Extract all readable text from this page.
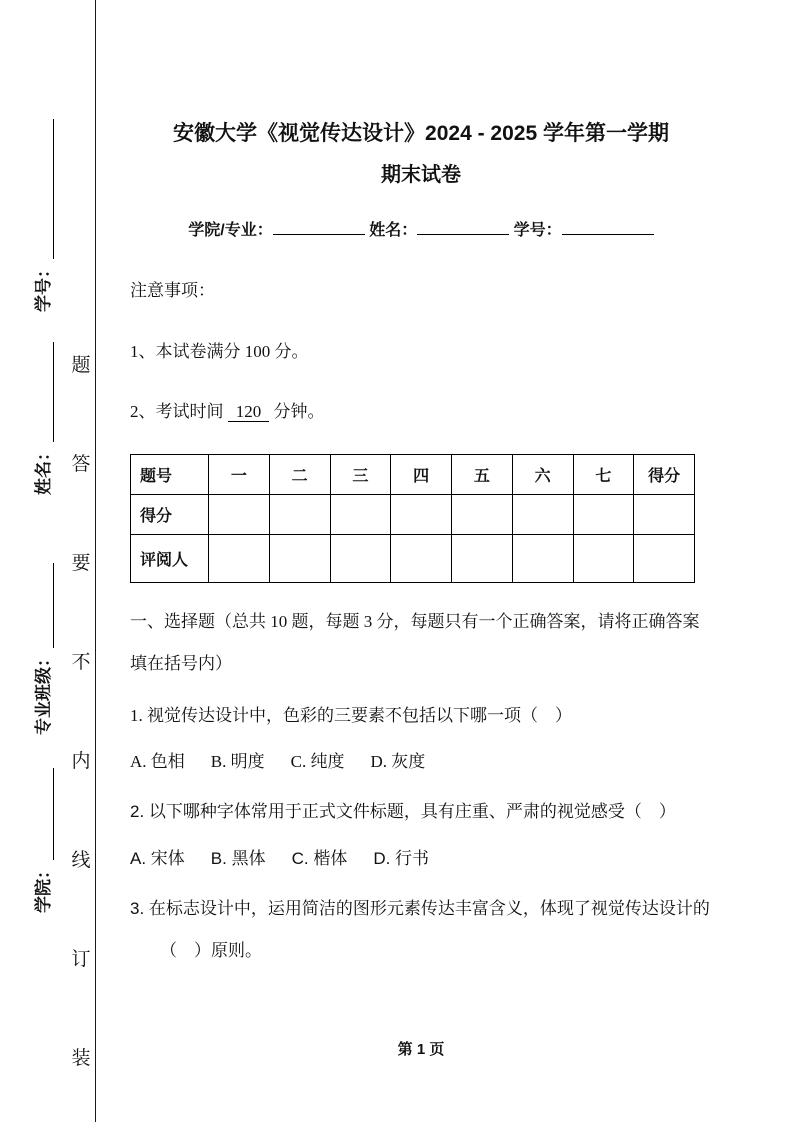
学号：
姓名：
专业班级：
学院：
题
答
要
不
内
线
订
装
安徽大学《视觉传达设计》2024 - 2025 学年第一学期
期末试卷
学院/专业：	姓名：	学号：
注意事项：
1、本试卷满分 100 分。
2、考试时间 120 分钟。
题号	一	二	三	四	五	六	七	得分
得分								
评阅人								
一、选择题（总共 10 题，每题 3 分，每题只有一个正确答案，请将正确答案填在括号内）
1. 视觉传达设计中，色彩的三要素不包括以下哪一项（　）
A. 色相 B. 明度 C. 纯度 D. 灰度
2. 以下哪种字体常用于正式文件标题，具有庄重、严肃的视觉感受（　）
A. 宋体 B. 黑体 C. 楷体 D. 行书
3. 在标志设计中，运用简洁的图形元素传达丰富含义，体现了视觉传达设计的（　）原则。
第 1 页
